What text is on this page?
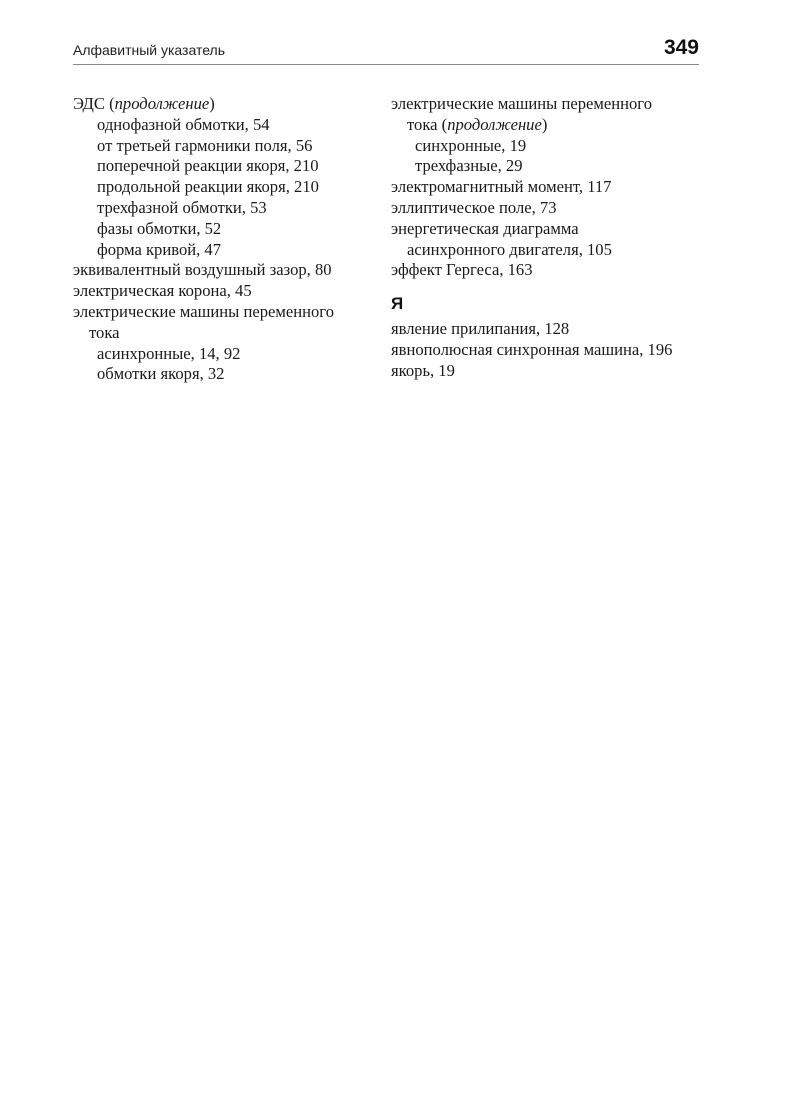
Алфавитный указатель	349
ЭДС (продолжение)
однофазной обмотки, 54
от третьей гармоники поля, 56
поперечной реакции якоря, 210
продольной реакции якоря, 210
трехфазной обмотки, 53
фазы обмотки, 52
форма кривой, 47
эквивалентный воздушный зазор, 80
электрическая корона, 45
электрические машины переменного
тока
асинхронные, 14, 92
обмотки якоря, 32
электрические машины переменного
тока (продолжение)
синхронные, 19
трехфазные, 29
электромагнитный момент, 117
эллиптическое поле, 73
энергетическая диаграмма
асинхронного двигателя, 105
эффект Гергеса, 163
Я
явление прилипания, 128
явнополюсная синхронная машина, 196
якорь, 19
